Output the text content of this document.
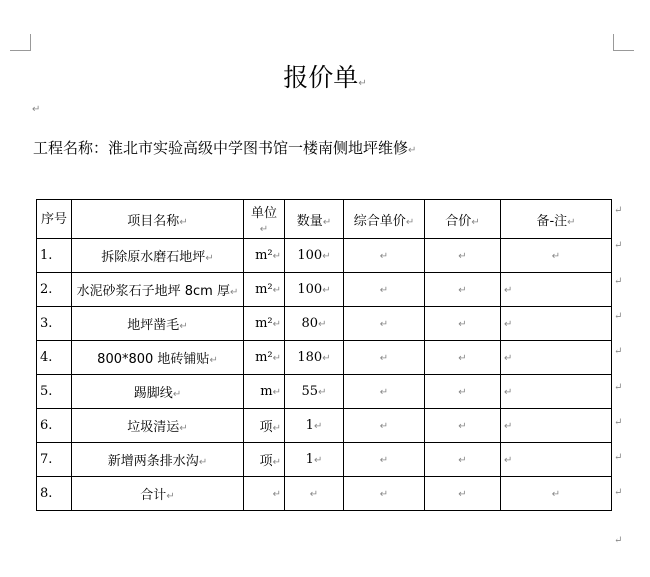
报价单↵
↵
工程名称：淮北市实验高级中学图书馆一楼南侧地坪维修↵
序号	项目名称↵	单位↵	数量↵	综合单价↵	合价↵	备-注↵
1.	拆除原水磨石地坪↵	m²↵	100↵	↵	↵	↵
2.	水泥砂浆石子地坪 8cm 厚↵	m²↵	100↵	↵	↵	↵
3.	地坪凿毛↵	m²↵	80↵	↵	↵	↵
4.	800*800 地砖铺贴↵	m²↵	180↵	↵	↵	↵
5.	踢脚线↵	m↵	55↵	↵	↵	↵
6.	垃圾清运↵	项↵	1↵	↵	↵	↵
7.	新增两条排水沟↵	项↵	1↵	↵	↵	↵
8.	合计↵	↵	↵	↵	↵	↵
↵
↵
↵
↵
↵
↵
↵
↵
↵
↵
